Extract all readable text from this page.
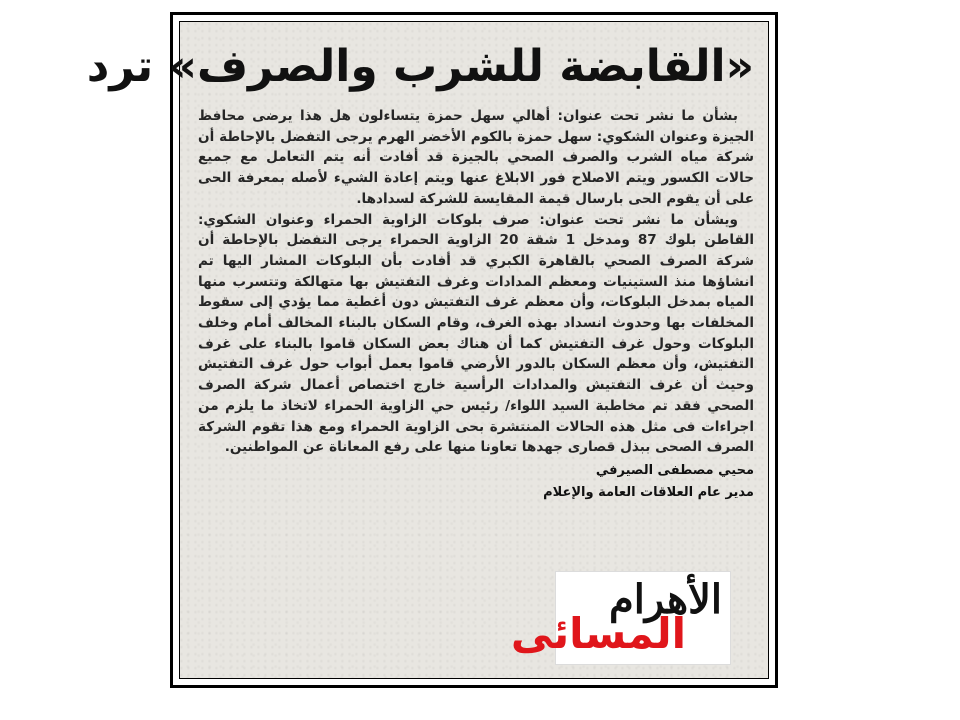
«القابضة للشرب والصرف» ترد

بشأن ما نشر تحت عنوان: أهالي سهل حمزة يتساءلون هل هذا يرضى محافظ الجيزة وعنوان الشكوي: سهل حمزة بالكوم الأخضر الهرم يرجى التفضل بالإحاطة أن شركة مياه الشرب والصرف الصحي بالجيزة قد أفادت أنه يتم التعامل مع جميع حالات الكسور ويتم الاصلاح فور الابلاغ عنها ويتم إعادة الشيء لأصله بمعرفة الحى على أن يقوم الحى بارسال قيمة المقايسة للشركة لسدادها.

ويشأن ما نشر تحت عنوان: صرف بلوكات الزاوية الحمراء وعنوان الشكوي: القاطن بلوك 87 ومدخل 1 شقة 20 الزاوية الحمراء يرجى التفضل بالإحاطة أن شركة الصرف الصحي بالقاهرة الكبري قد أفادت بأن البلوكات المشار اليها تم انشاؤها منذ الستينيات ومعظم المدادات وغرف التفتيش بها متهالكة وتتسرب منها المياه بمدخل البلوكات، وأن معظم غرف التفتيش دون أغطية مما يؤدي إلى سقوط المخلفات بها وحدوث انسداد بهذه الغرف، وقام السكان بالبناء المخالف أمام وخلف البلوكات وحول غرف التفتيش كما أن هناك بعض السكان قاموا بالبناء على غرف التفتيش، وأن معظم السكان بالدور الأرضي قاموا بعمل أبواب حول غرف التفتيش وحيث أن غرف التفتيش والمدادات الرأسية خارج اختصاص أعمال شركة الصرف الصحي فقد تم مخاطبة السيد اللواء/ رئيس حي الزاوية الحمراء لاتخاذ ما يلزم من اجراءات فى مثل هذه الحالات المنتشرة بحى الزاوية الحمراء ومع هذا تقوم الشركة الصرف الصحى ببذل قصارى جهدها تعاونا منها على رفع المعاناة عن المواطنين.

محيي مصطفى الصيرفي
مدير عام العلاقات العامة والإعلام
الأهرام
المسائى
